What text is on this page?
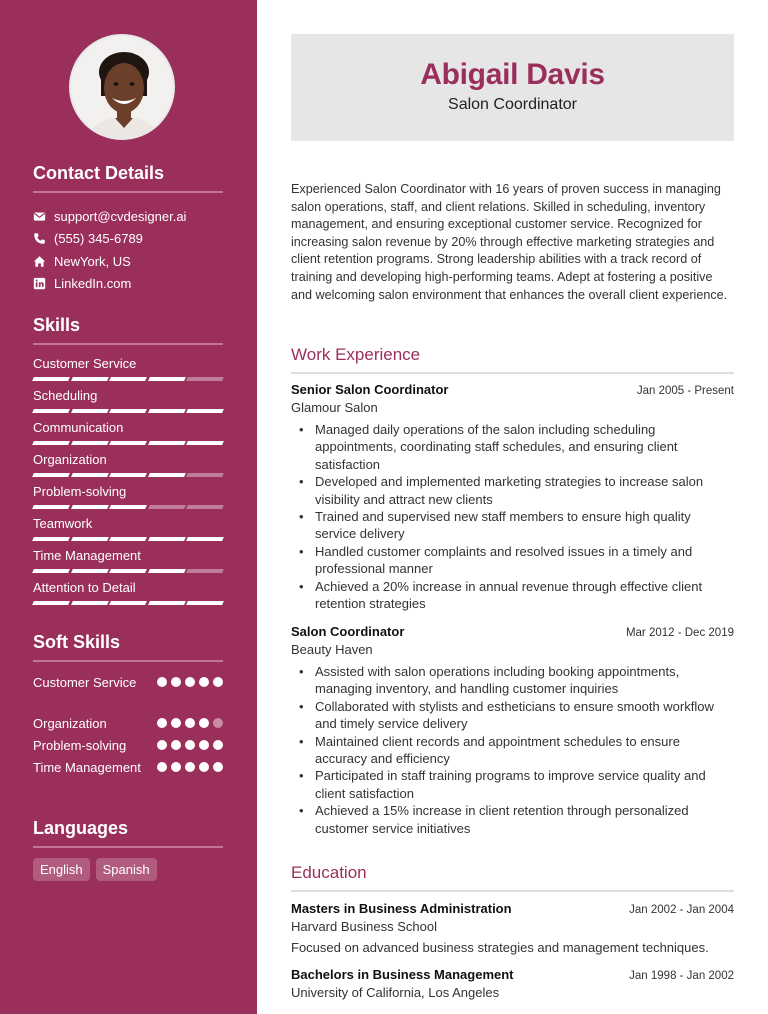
Contact Details
support@cvdesigner.ai
(555) 345-6789
NewYork, US
LinkedIn.com
Skills
Customer Service
Scheduling
Communication
Organization
Problem-solving
Teamwork
Time Management
Attention to Detail
Soft Skills
Customer Service
Organization
Problem-solving
Time Management
Languages
English	Spanish
Abigail Davis
Salon Coordinator
Experienced Salon Coordinator with 16 years of proven success in managing salon operations, staff, and client relations. Skilled in scheduling, inventory management, and ensuring exceptional customer service. Recognized for increasing salon revenue by 20% through effective marketing strategies and client retention programs. Strong leadership abilities with a track record of training and developing high-performing teams. Adept at fostering a positive and welcoming salon environment that enhances the overall client experience.
Work Experience
Senior Salon Coordinator	Jan 2005 - Present
Glamour Salon
• Managed daily operations of the salon including scheduling appointments, coordinating staff schedules, and ensuring client satisfaction
• Developed and implemented marketing strategies to increase salon visibility and attract new clients
• Trained and supervised new staff members to ensure high quality service delivery
• Handled customer complaints and resolved issues in a timely and professional manner
• Achieved a 20% increase in annual revenue through effective client retention strategies
Salon Coordinator	Mar 2012 - Dec 2019
Beauty Haven
• Assisted with salon operations including booking appointments, managing inventory, and handling customer inquiries
• Collaborated with stylists and estheticians to ensure smooth workflow and timely service delivery
• Maintained client records and appointment schedules to ensure accuracy and efficiency
• Participated in staff training programs to improve service quality and client satisfaction
• Achieved a 15% increase in client retention through personalized customer service initiatives
Education
Masters in Business Administration	Jan 2002 - Jan 2004
Harvard Business School
Focused on advanced business strategies and management techniques.
Bachelors in Business Management	Jan 1998 - Jan 2002
University of California, Los Angeles
